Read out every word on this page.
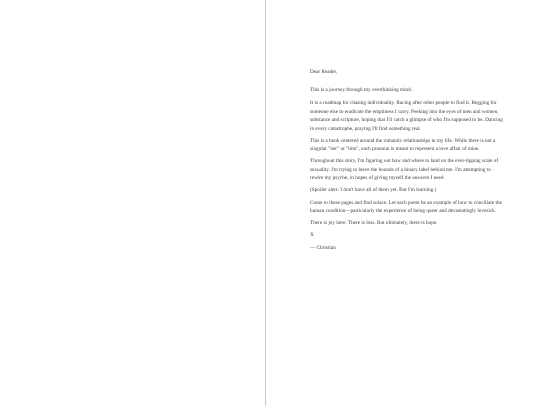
Dear Reader,

This is a journey through my overthinking mind.

It is a roadmap for chasing individuality. Racing after other people to find it. Begging for someone else to eradicate the emptiness I carry. Peeking into the eyes of men and women, substance and scripture, hoping that I'll catch a glimpse of who I'm supposed to be. Dancing in every catastrophe, praying I'll find something real.

This is a book centered around the romantic relationships in my life. While there is not a singular "her" or "him", each pronoun is meant to represent a love affair of mine.

Throughout this story, I'm figuring out how and where to land on the ever-tipping scale of sexuality. I'm trying to leave the bounds of a binary label behind me. I'm attempting to rewire my psyche, in hopes of giving myself the answers I need.

(Spoiler alert: I don't have all of them yet. But I'm learning.)

Come to these pages and find solace. Let each poem be an example of how to conciliate the human condition—particularly the experience of being queer and devastatingly lovesick.

There is joy here. There is loss. But ultimately, there is hope.

X

— Christian
